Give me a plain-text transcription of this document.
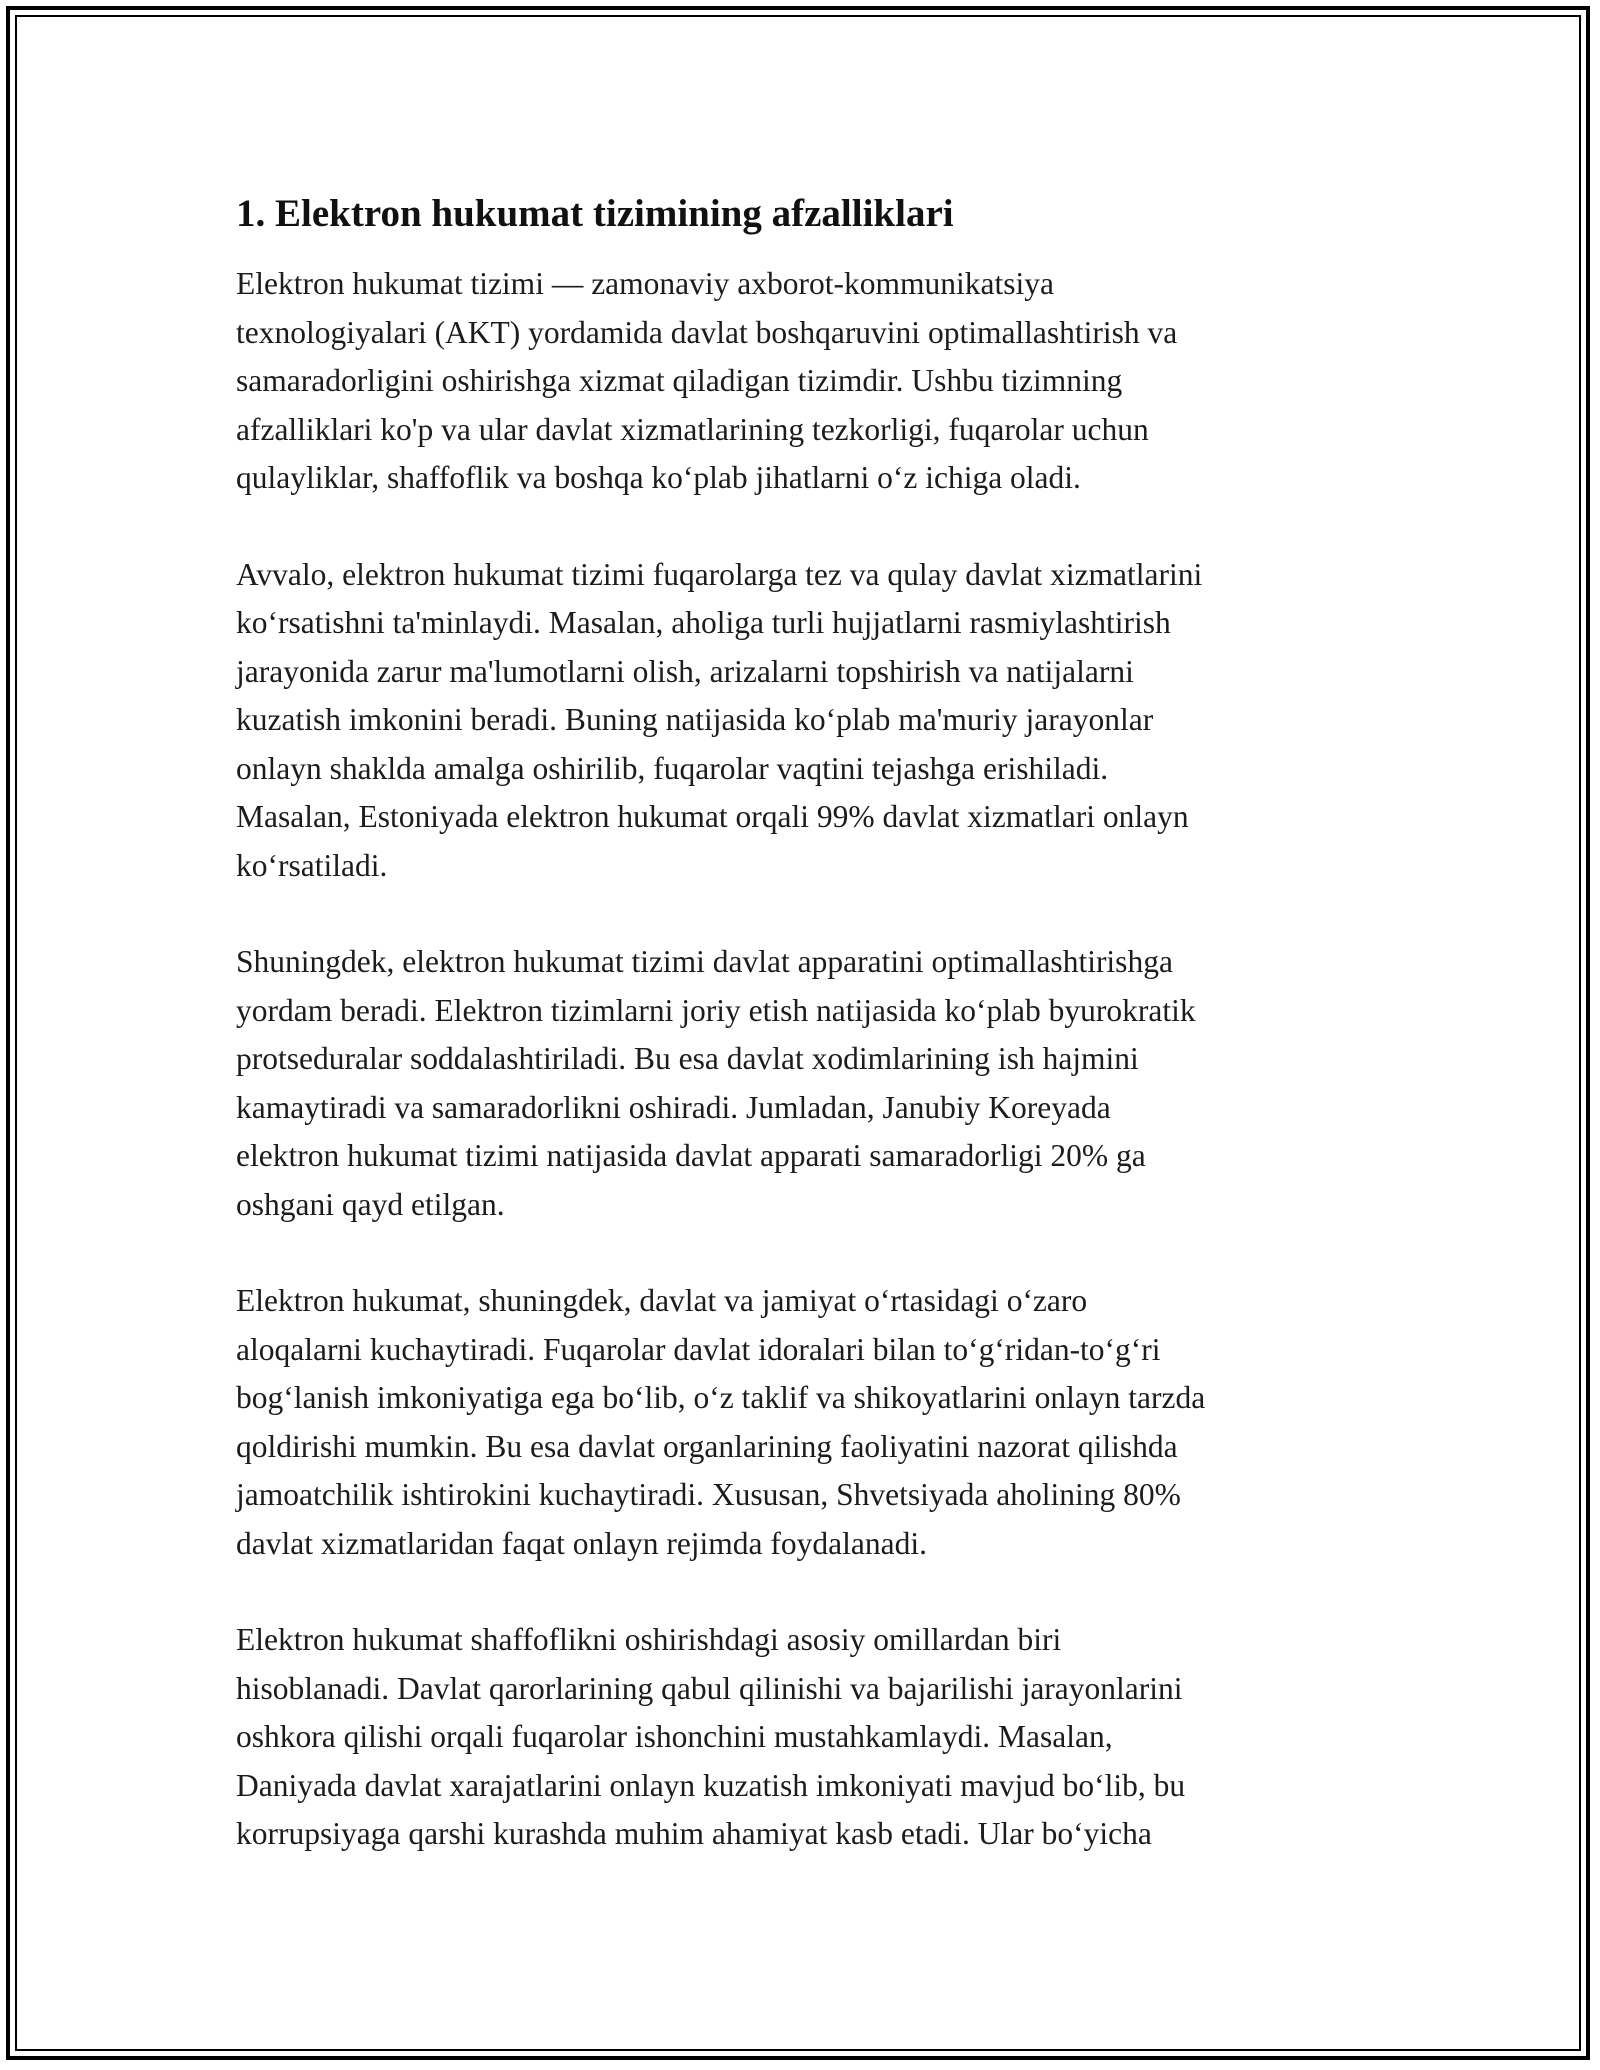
1. Elektron hukumat tizimining afzalliklari

Elektron hukumat tizimi — zamonaviy axborot-kommunikatsiya
texnologiyalari (AKT) yordamida davlat boshqaruvini optimallashtirish va
samaradorligini oshirishga xizmat qiladigan tizimdir. Ushbu tizimning
afzalliklari ko'p va ular davlat xizmatlarining tezkorligi, fuqarolar uchun
qulayliklar, shaffoflik va boshqa koʻplab jihatlarni oʻz ichiga oladi.

Avvalo, elektron hukumat tizimi fuqarolarga tez va qulay davlat xizmatlarini
koʻrsatishni ta'minlaydi. Masalan, aholiga turli hujjatlarni rasmiylashtirish
jarayonida zarur ma'lumotlarni olish, arizalarni topshirish va natijalarni
kuzatish imkonini beradi. Buning natijasida koʻplab ma'muriy jarayonlar
onlayn shaklda amalga oshirilib, fuqarolar vaqtini tejashga erishiladi.
Masalan, Estoniyada elektron hukumat orqali 99% davlat xizmatlari onlayn
koʻrsatiladi.

Shuningdek, elektron hukumat tizimi davlat apparatini optimallashtirishga
yordam beradi. Elektron tizimlarni joriy etish natijasida koʻplab byurokratik
protseduralar soddalashtiriladi. Bu esa davlat xodimlarining ish hajmini
kamaytiradi va samaradorlikni oshiradi. Jumladan, Janubiy Koreyada
elektron hukumat tizimi natijasida davlat apparati samaradorligi 20% ga
oshgani qayd etilgan.

Elektron hukumat, shuningdek, davlat va jamiyat oʻrtasidagi oʻzaro
aloqalarni kuchaytiradi. Fuqarolar davlat idoralari bilan toʻgʻridan-toʻgʻri
bogʻlanish imkoniyatiga ega boʻlib, oʻz taklif va shikoyatlarini onlayn tarzda
qoldirishi mumkin. Bu esa davlat organlarining faoliyatini nazorat qilishda
jamoatchilik ishtirokini kuchaytiradi. Xususan, Shvetsiyada aholining 80%
davlat xizmatlaridan faqat onlayn rejimda foydalanadi.

Elektron hukumat shaffoflikni oshirishdagi asosiy omillardan biri
hisoblanadi. Davlat qarorlarining qabul qilinishi va bajarilishi jarayonlarini
oshkora qilishi orqali fuqarolar ishonchini mustahkamlaydi. Masalan,
Daniyada davlat xarajatlarini onlayn kuzatish imkoniyati mavjud boʻlib, bu
korrupsiyaga qarshi kurashda muhim ahamiyat kasb etadi. Ular boʻyicha
